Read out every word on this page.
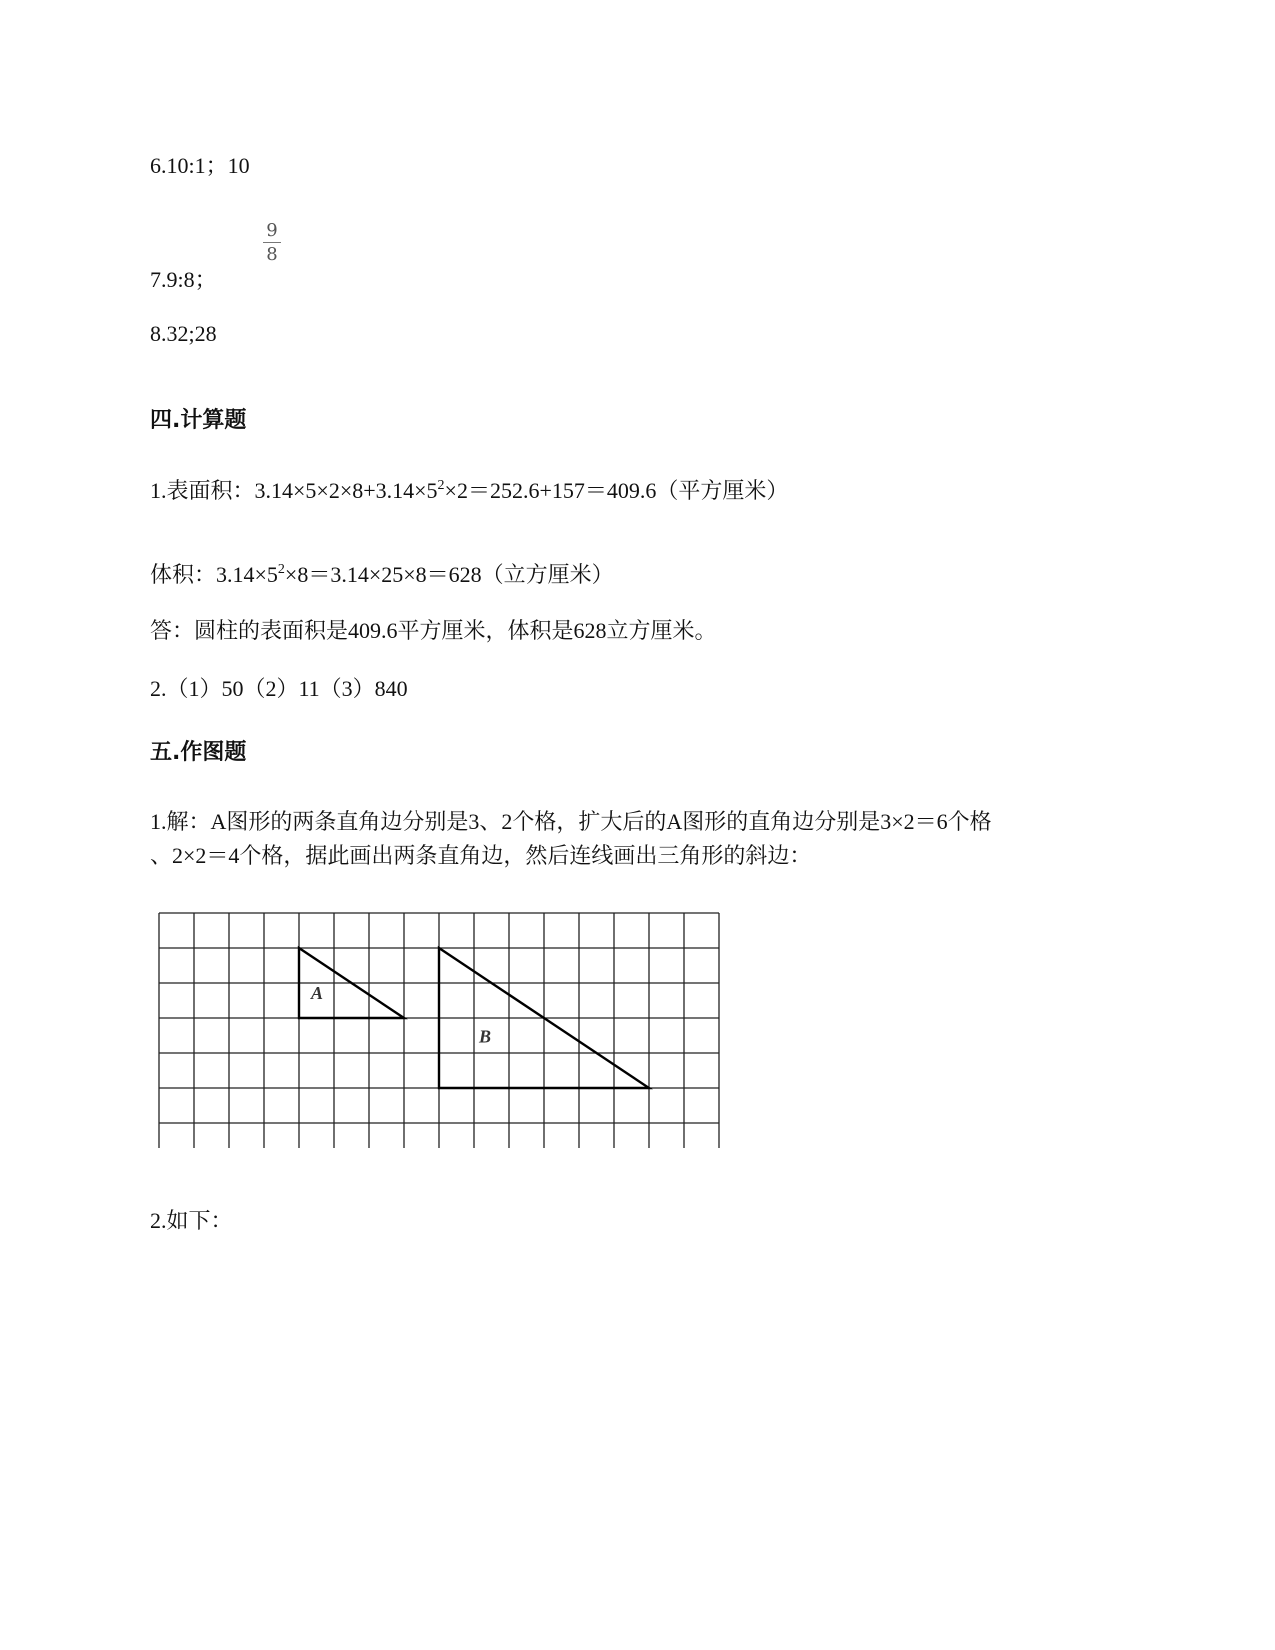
6.10:1；10
7.9:8；
9
8
8.32;28
四.计算题
1.表面积：$3.14\times 5\times 2\times 8+3.14\times 5^2\times 2=252.6+157=409.6$（平方厘米）
体积：$3.14\times 5^2\times 8=3.14\times 25\times 8=628$（立方厘米）
答：圆柱的表面积是409.6平方厘米，体积是628立方厘米。
2.（1）50（2）11（3）840
五.作图题
1.解：A图形的两条直角边分别是3、2个格，扩大后的A图形的直角边分别是3×2＝6个格
、2×2＝4个格，据此画出两条直角边，然后连线画出三角形的斜边：
A
B
2.如下：
